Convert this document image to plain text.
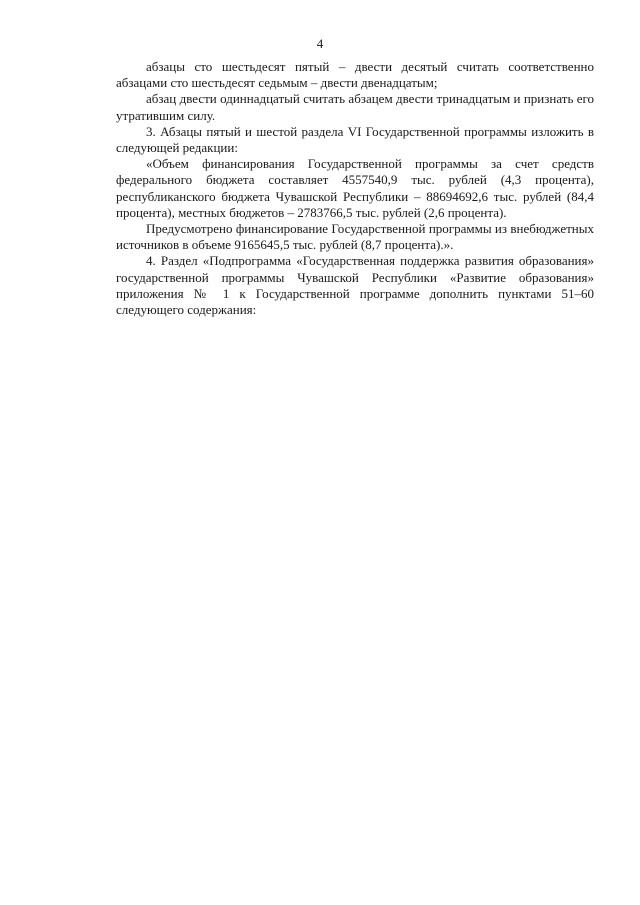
4

абзацы сто шестьдесят пятый – двести десятый считать соответственно абзацами сто шестьдесят седьмым – двести двенадцатым;

абзац двести одиннадцатый считать абзацем двести тринадцатым и признать его утратившим силу.

3. Абзацы пятый и шестой раздела VI Государственной программы изложить в следующей редакции:

«Объем финансирования Государственной программы за счет средств федерального бюджета составляет 4557540,9 тыс. рублей (4,3 процента), республиканского бюджета Чувашской Республики – 88694692,6 тыс. рублей (84,4 процента), местных бюджетов – 2783766,5 тыс. рублей (2,6 процента).

Предусмотрено финансирование Государственной программы из внебюджетных источников в объеме 9165645,5 тыс. рублей (8,7 процента).».

4. Раздел «Подпрограмма «Государственная поддержка развития образования» государственной программы Чувашской Республики «Развитие образования» приложения № 1 к Государственной программе дополнить пунктами 51–60 следующего содержания:
